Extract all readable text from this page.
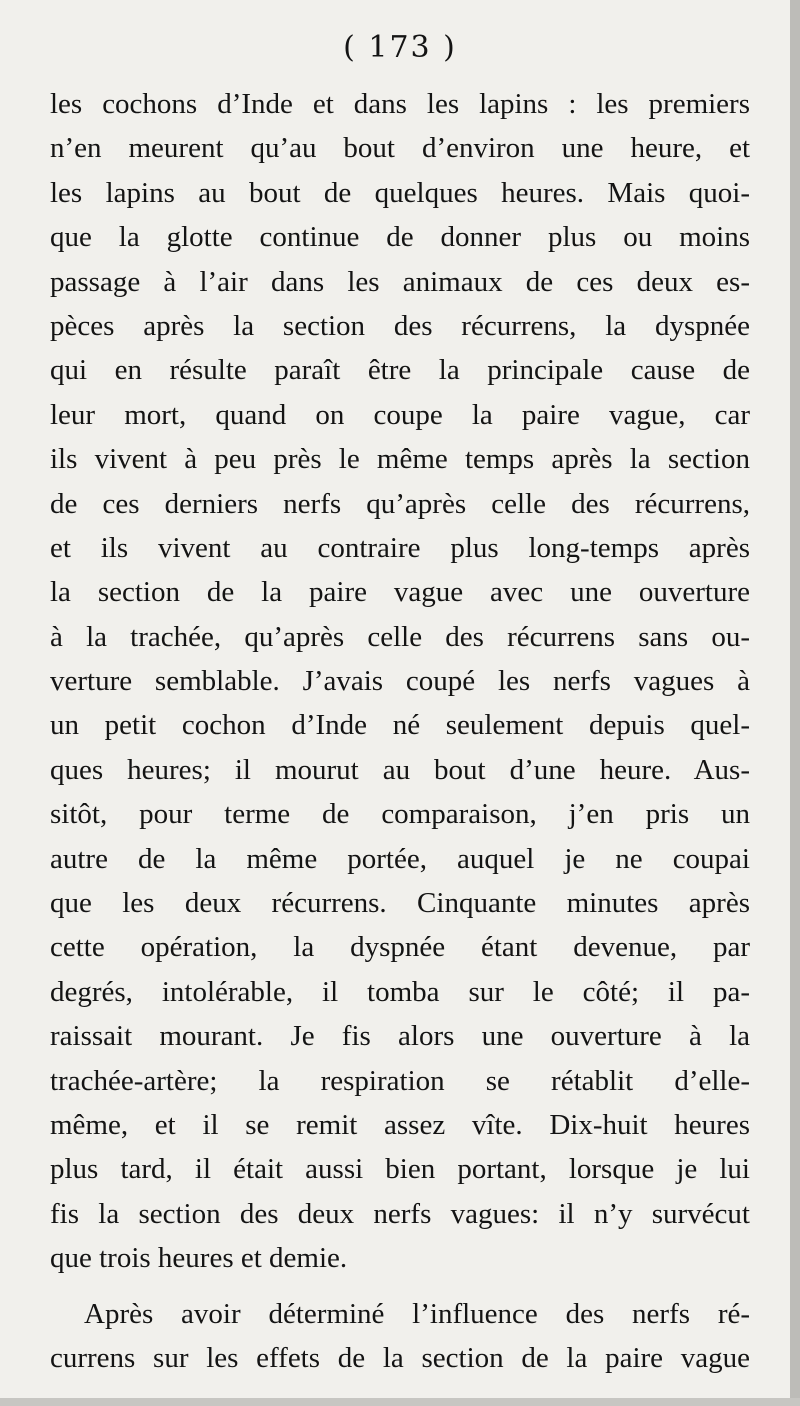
( 173 )
les cochons d’Inde et dans les lapins : les premiers
n’en meurent qu’au bout d’environ une heure, et
les lapins au bout de quelques heures. Mais quoi-
que la glotte continue de donner plus ou moins
passage à l’air dans les animaux de ces deux es-
pèces après la section des récurrens, la dyspnée
qui en résulte paraît être la principale cause de
leur mort, quand on coupe la paire vague, car
ils vivent à peu près le même temps après la section
de ces derniers nerfs qu’après celle des récurrens,
et ils vivent au contraire plus long-temps après
la section de la paire vague avec une ouverture
à la trachée, qu’après celle des récurrens sans ou-
verture semblable. J’avais coupé les nerfs vagues à
un petit cochon d’Inde né seulement depuis quel-
ques heures; il mourut au bout d’une heure. Aus-
sitôt, pour terme de comparaison, j’en pris un
autre de la même portée, auquel je ne coupai
que les deux récurrens. Cinquante minutes après
cette opération, la dyspnée étant devenue, par
degrés, intolérable, il tomba sur le côté; il pa-
raissait mourant. Je fis alors une ouverture à la
trachée-artère; la respiration se rétablit d’elle-
même, et il se remit assez vîte. Dix-huit heures
plus tard, il était aussi bien portant, lorsque je lui
fis la section des deux nerfs vagues: il n’y survécut
que trois heures et demie.
Après avoir déterminé l’influence des nerfs ré-
currens sur les effets de la section de la paire vague
